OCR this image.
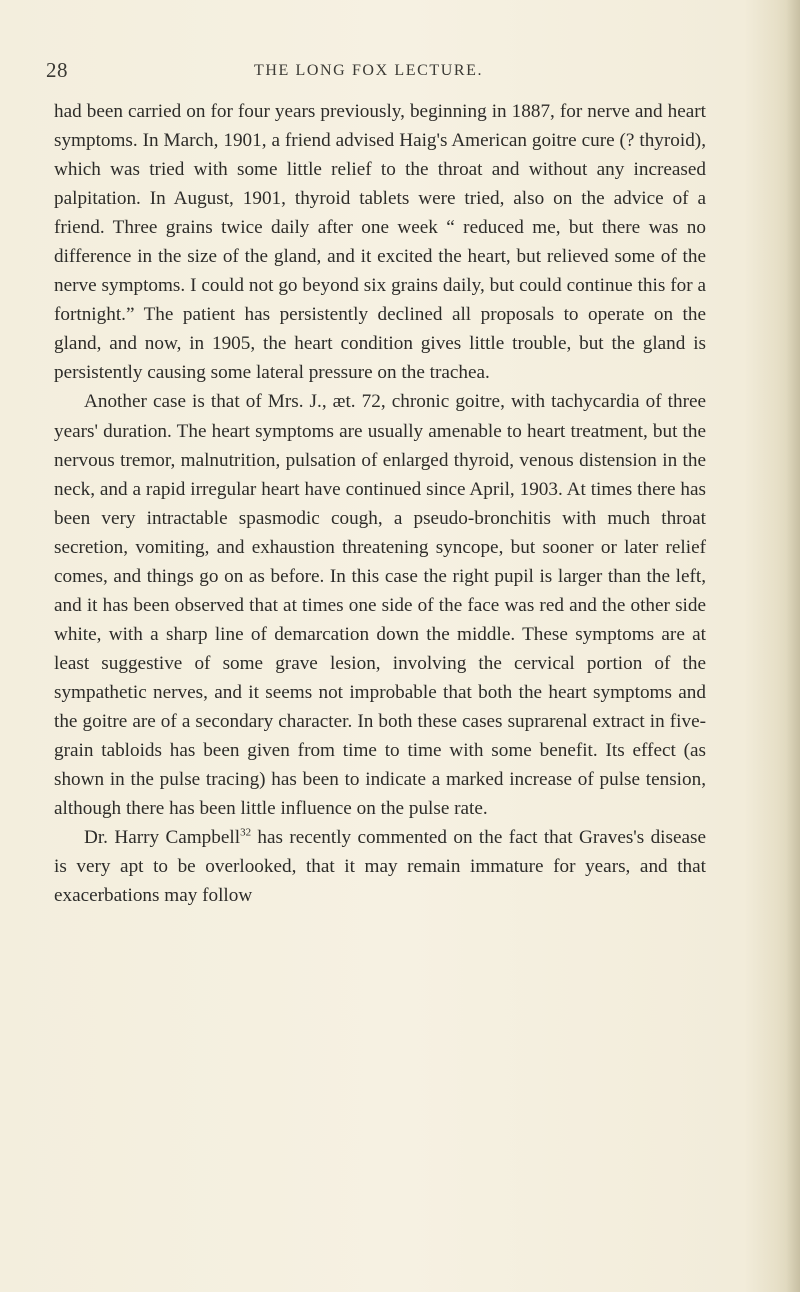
28	THE LONG FOX LECTURE.

had been carried on for four years previously, beginning in 1887, for nerve and heart symptoms. In March, 1901, a friend advised Haig's American goitre cure (? thyroid), which was tried with some little relief to the throat and without any increased palpitation. In August, 1901, thyroid tablets were tried, also on the advice of a friend. Three grains twice daily after one week “ reduced me, but there was no difference in the size of the gland, and it excited the heart, but relieved some of the nerve symptoms. I could not go beyond six grains daily, but could continue this for a fortnight.” The patient has persistently declined all proposals to operate on the gland, and now, in 1905, the heart condition gives little trouble, but the gland is persistently causing some lateral pressure on the trachea.

Another case is that of Mrs. J., æt. 72, chronic goitre, with tachycardia of three years' duration. The heart symptoms are usually amenable to heart treatment, but the nervous tremor, malnutrition, pulsation of enlarged thyroid, venous distension in the neck, and a rapid irregular heart have continued since April, 1903. At times there has been very intractable spasmodic cough, a pseudo-bronchitis with much throat secretion, vomiting, and exhaustion threatening syncope, but sooner or later relief comes, and things go on as before. In this case the right pupil is larger than the left, and it has been observed that at times one side of the face was red and the other side white, with a sharp line of demarcation down the middle. These symptoms are at least suggestive of some grave lesion, involving the cervical portion of the sympathetic nerves, and it seems not improbable that both the heart symptoms and the goitre are of a secondary character. In both these cases suprarenal extract in five-grain tabloids has been given from time to time with some benefit. Its effect (as shown in the pulse tracing) has been to indicate a marked increase of pulse tension, although there has been little influence on the pulse rate.

Dr. Harry Campbell$^{32}$ has recently commented on the fact that Graves's disease is very apt to be overlooked, that it may remain immature for years, and that exacerbations may follow
